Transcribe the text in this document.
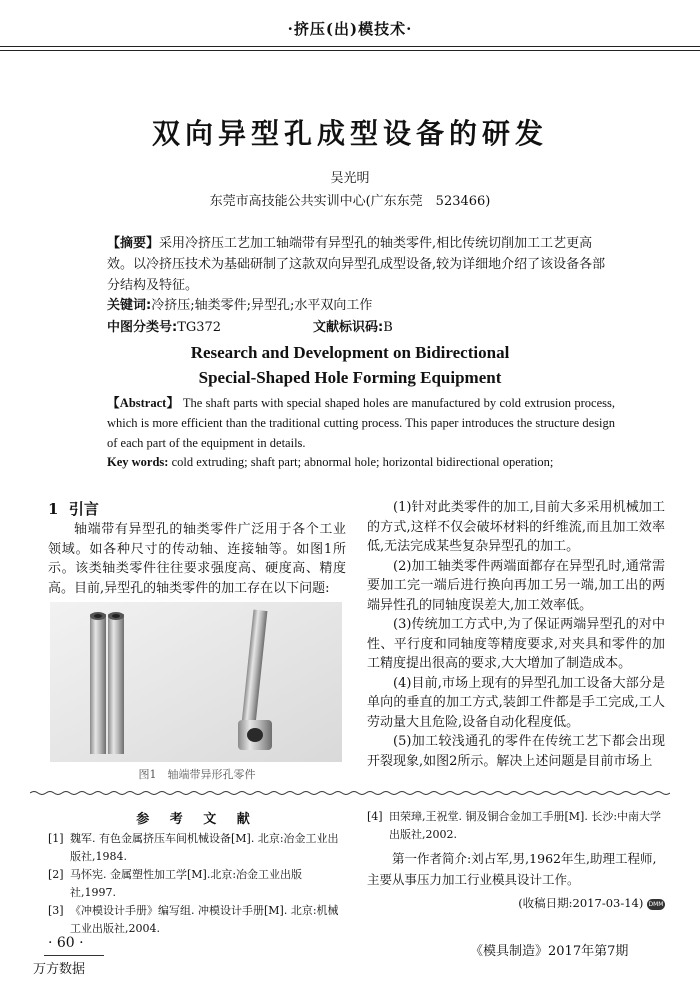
·挤压(出)模技术·
双向异型孔成型设备的研发
吴光明
东莞市高技能公共实训中心(广东东莞　523466)
【摘要】采用冷挤压工艺加工轴端带有异型孔的轴类零件,相比传统切削加工工艺更高效。以冷挤压技术为基础研制了这款双向异型孔成型设备,较为详细地介绍了该设备各部分结构及特征。
关键词:冷挤压;轴类零件;异型孔;水平双向工作
中图分类号:TG372	文献标识码:B
Research and Development on Bidirectional
Special-Shaped Hole Forming Equipment
【Abstract】 The shaft parts with special shaped holes are manufactured by cold extrusion process, which is more efficient than the traditional cutting process. This paper introduces the structure design of each part of the equipment in details.
Key words: cold extruding; shaft part; abnormal hole; horizontal bidirectional operation;
1 引言

轴端带有异型孔的轴类零件广泛用于各个工业领域。如各种尺寸的传动轴、连接轴等。如图1所示。该类轴类零件往往要求强度高、硬度高、精度高。目前,异型孔的轴类零件的加工存在以下问题:

图1　轴端带异形孔零件

(1)针对此类零件的加工,目前大多采用机械加工的方式,这样不仅会破坏材料的纤维流,而且加工效率低,无法完成某些复杂异型孔的加工。

(2)加工轴类零件两端面都存在异型孔时,通常需要加工完一端后进行换向再加工另一端,加工出的两端异性孔的同轴度误差大,加工效率低。

(3)传统加工方式中,为了保证两端异型孔的对中性、平行度和同轴度等精度要求,对夹具和零件的加工精度提出很高的要求,大大增加了制造成本。

(4)目前,市场上现有的异型孔加工设备大部分是单向的垂直的加工方式,装卸工件都是手工完成,工人劳动量大且危险,设备自动化程度低。

(5)加工较浅通孔的零件在传统工艺下都会出现开裂现象,如图2所示。解决上述问题是目前市场上

参 考 文 献
[1] 魏军. 有色金属挤压车间机械设备[M]. 北京:冶金工业出版社,1984.
[2] 马怀宪. 金属塑性加工学[M].北京:冶金工业出版社,1997.
[3] 《冲模设计手册》编写组. 冲模设计手册[M]. 北京:机械工业出版社,2004.
[4] 田荣璋,王祝堂. 铜及铜合金加工手册[M]. 长沙:中南大学出版社,2002.

第一作者简介:刘占军,男,1962年生,助理工程师,主要从事压力加工行业模具设计工作。

(收稿日期:2017-03-14) DMM
· 60 ·
万方数据
《模具制造》2017年第7期
